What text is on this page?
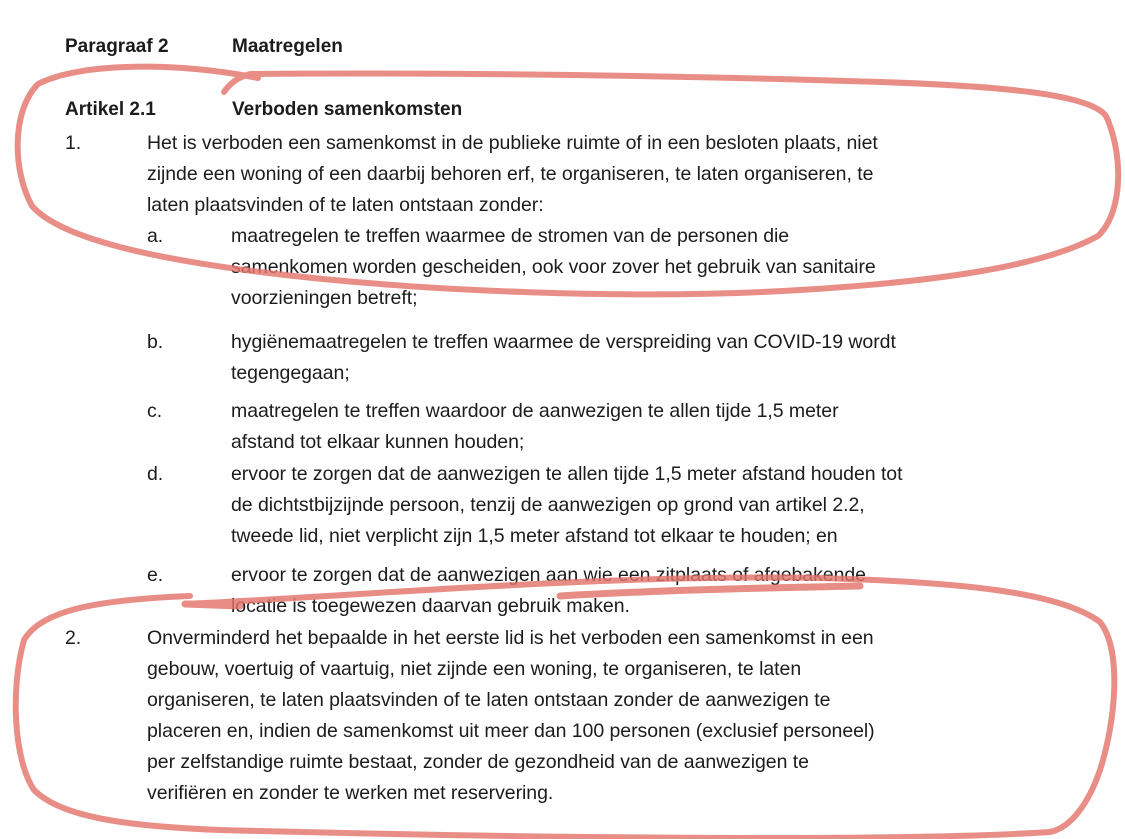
Paragraaf 2	Maatregelen
Artikel 2.1	Verboden samenkomsten
1.	Het is verboden een samenkomst in de publieke ruimte of in een besloten plaats, niet
zijnde een woning of een daarbij behoren erf, te organiseren, te laten organiseren, te
laten plaatsvinden of te laten ontstaan zonder:
a.	maatregelen te treffen waarmee de stromen van de personen die
samenkomen worden gescheiden, ook voor zover het gebruik van sanitaire
voorzieningen betreft;
b.	hygiënemaatregelen te treffen waarmee de verspreiding van COVID-19 wordt
tegengegaan;
c.	maatregelen te treffen waardoor de aanwezigen te allen tijde 1,5 meter
afstand tot elkaar kunnen houden;
d.	ervoor te zorgen dat de aanwezigen te allen tijde 1,5 meter afstand houden tot
de dichtstbijzijnde persoon, tenzij de aanwezigen op grond van artikel 2.2,
tweede lid, niet verplicht zijn 1,5 meter afstand tot elkaar te houden; en
e.	ervoor te zorgen dat de aanwezigen aan wie een zitplaats of afgebakende
locatie is toegewezen daarvan gebruik maken.
2.	Onverminderd het bepaalde in het eerste lid is het verboden een samenkomst in een
gebouw, voertuig of vaartuig, niet zijnde een woning, te organiseren, te laten
organiseren, te laten plaatsvinden of te laten ontstaan zonder de aanwezigen te
placeren en, indien de samenkomst uit meer dan 100 personen (exclusief personeel)
per zelfstandige ruimte bestaat, zonder de gezondheid van de aanwezigen te
verifiëren en zonder te werken met reservering.
